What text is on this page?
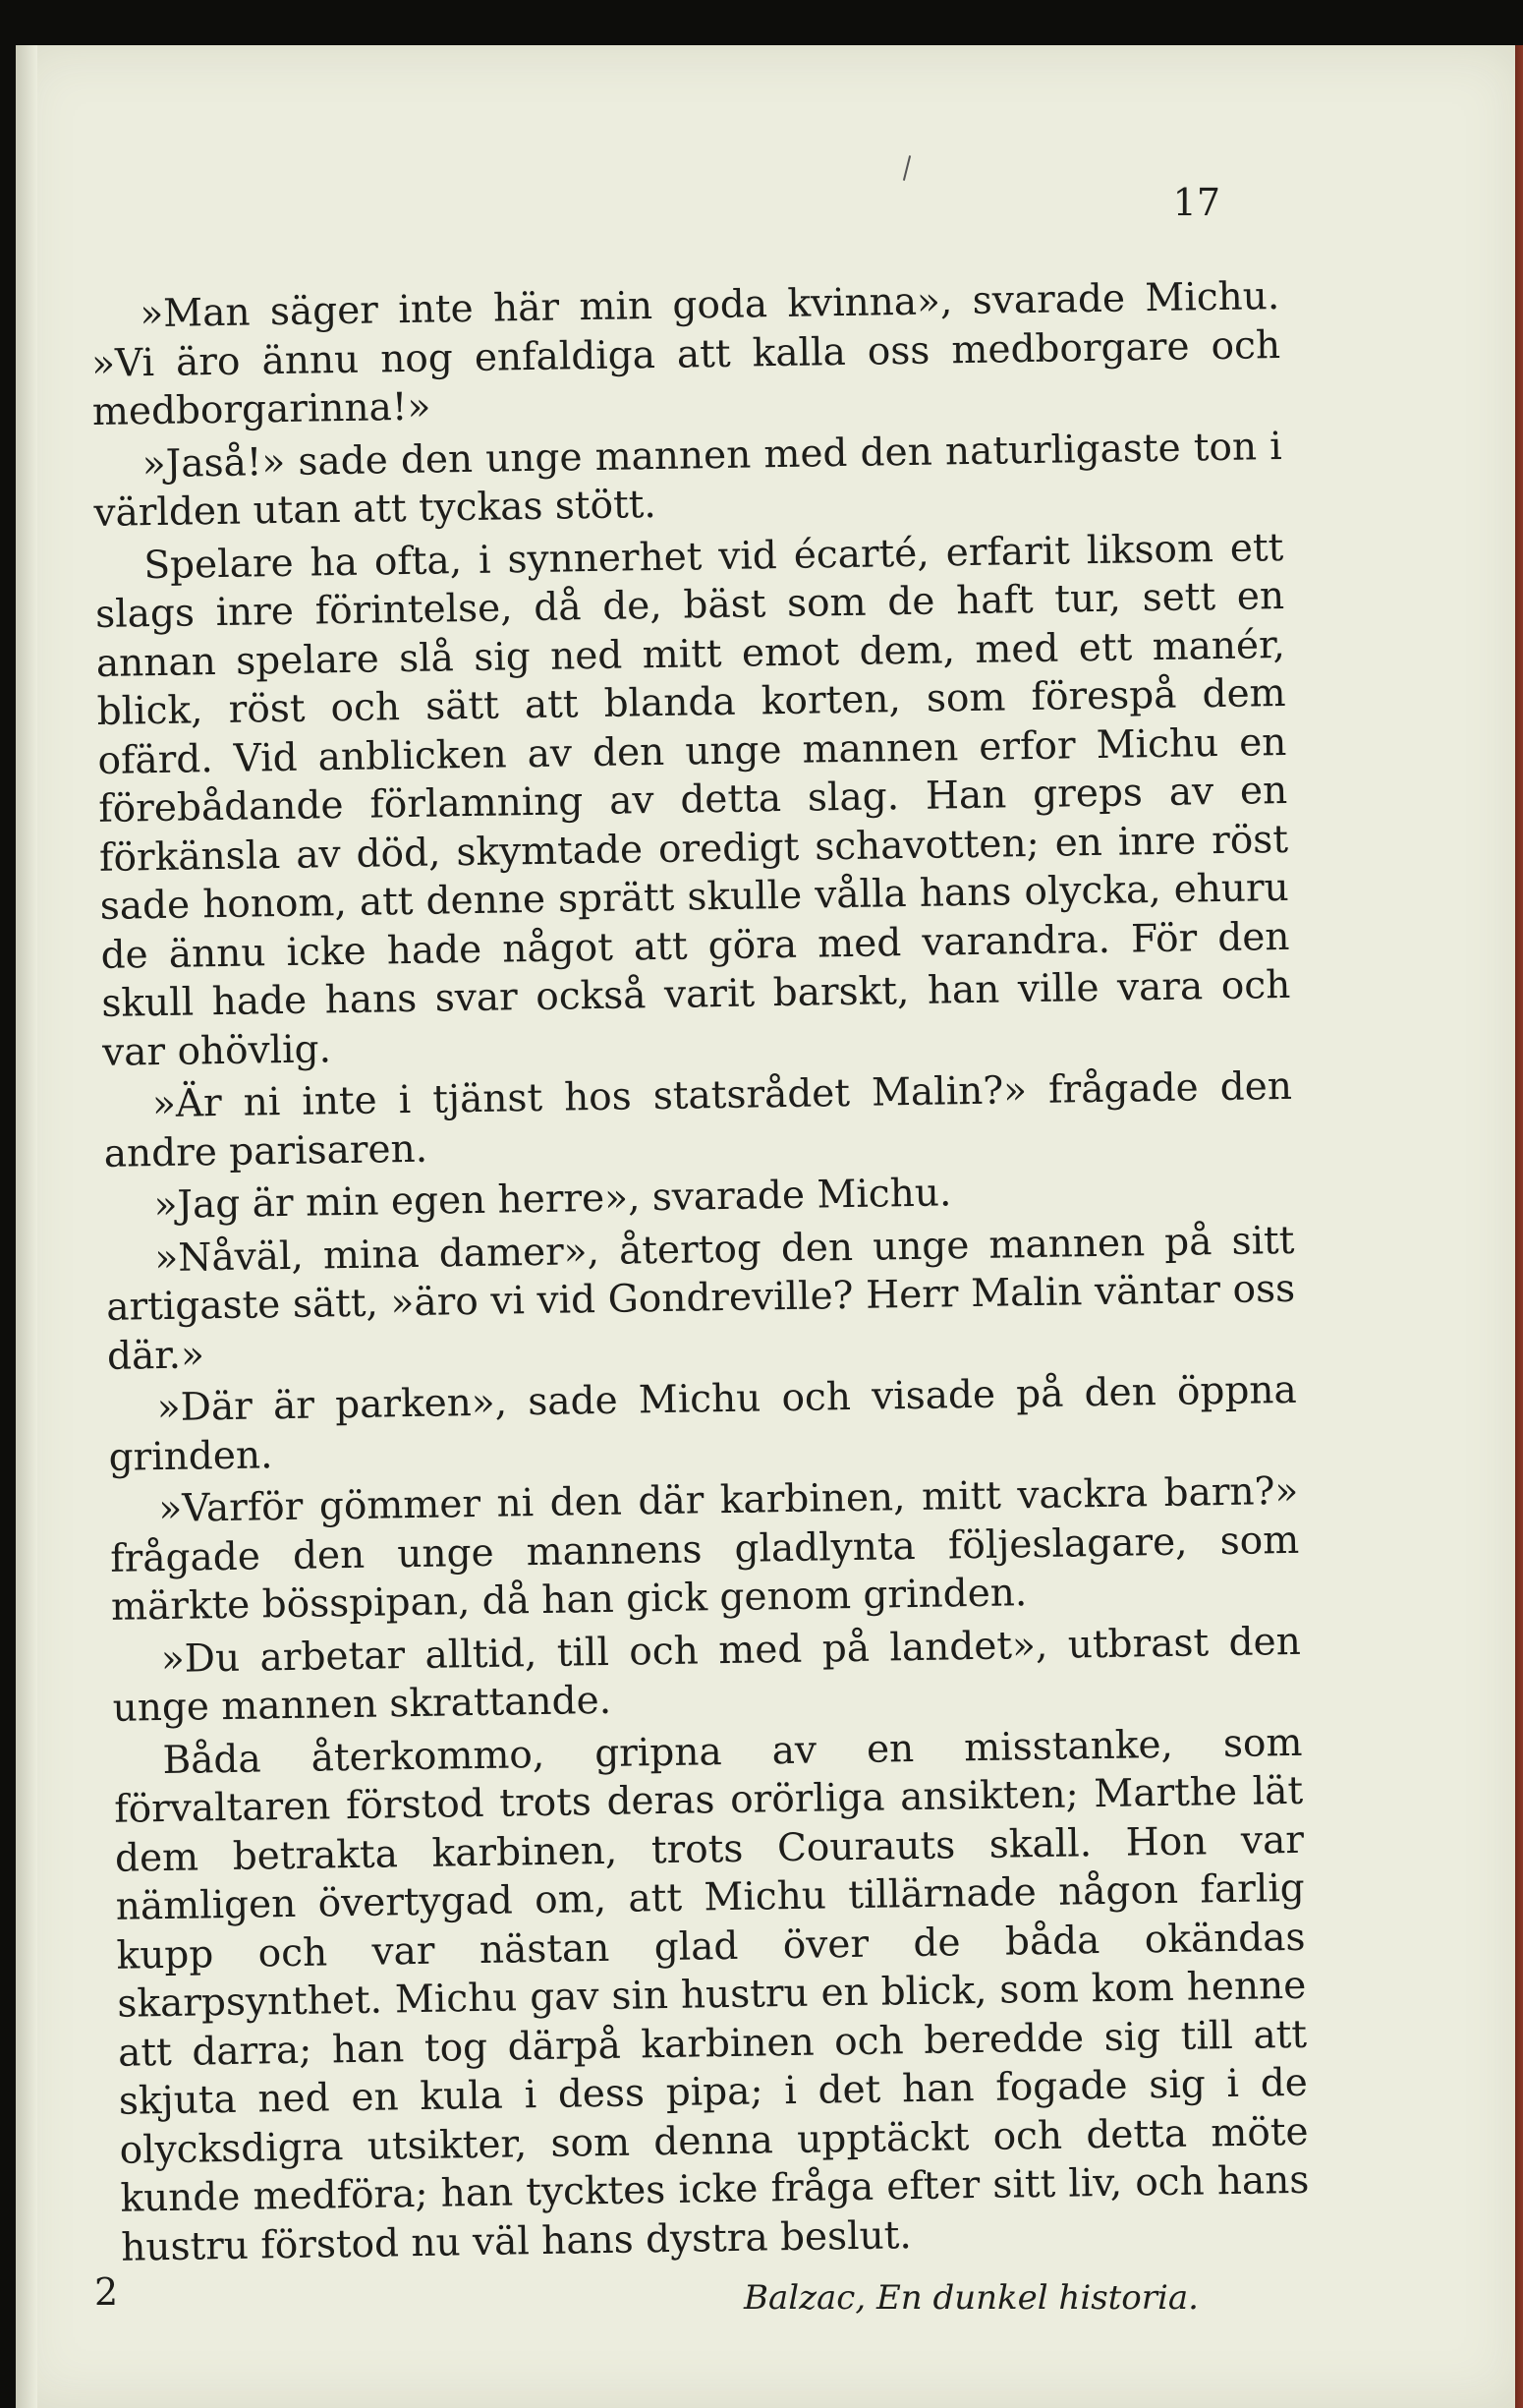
17

»Man säger inte här min goda kvinna», svarade Michu. »Vi äro ännu nog enfaldiga att kalla oss medborgare och medborgarinna!»

»Jaså!» sade den unge mannen med den naturligaste ton i världen utan att tyckas stött.

Spelare ha ofta, i synnerhet vid écarté, erfarit liksom ett slags inre förintelse, då de, bäst som de haft tur, sett en annan spelare slå sig ned mitt emot dem, med ett manér, blick, röst och sätt att blanda korten, som förespå dem ofärd. Vid anblicken av den unge mannen erfor Michu en förebådande förlamning av detta slag. Han greps av en förkänsla av död, skymtade oredigt schavotten; en inre röst sade honom, att denne sprätt skulle vålla hans olycka, ehuru de ännu icke hade något att göra med varandra. För den skull hade hans svar också varit barskt, han ville vara och var ohövlig.

»Är ni inte i tjänst hos statsrådet Malin?» frågade den andre parisaren.

»Jag är min egen herre», svarade Michu.

»Nåväl, mina damer», återtog den unge mannen på sitt artigaste sätt, »äro vi vid Gondreville? Herr Malin väntar oss där.»

»Där är parken», sade Michu och visade på den öppna grinden.

»Varför gömmer ni den där karbinen, mitt vackra barn?» frågade den unge mannens gladlynta följeslagare, som märkte bösspipan, då han gick genom grinden.

»Du arbetar alltid, till och med på landet», utbrast den unge mannen skrattande.

Båda återkommo, gripna av en misstanke, som förvaltaren förstod trots deras orörliga ansikten; Marthe lät dem betrakta karbinen, trots Courauts skall. Hon var nämligen övertygad om, att Michu tillärnade någon farlig kupp och var nästan glad över de båda okändas skarpsynthet. Michu gav sin hustru en blick, som kom henne att darra; han tog därpå karbinen och beredde sig till att skjuta ned en kula i dess pipa; i det han fogade sig i de olycksdigra utsikter, som denna upptäckt och detta möte kunde medföra; han tycktes icke fråga efter sitt liv, och hans hustru förstod nu väl hans dystra beslut.

2	Balzac, En dunkel historia.
